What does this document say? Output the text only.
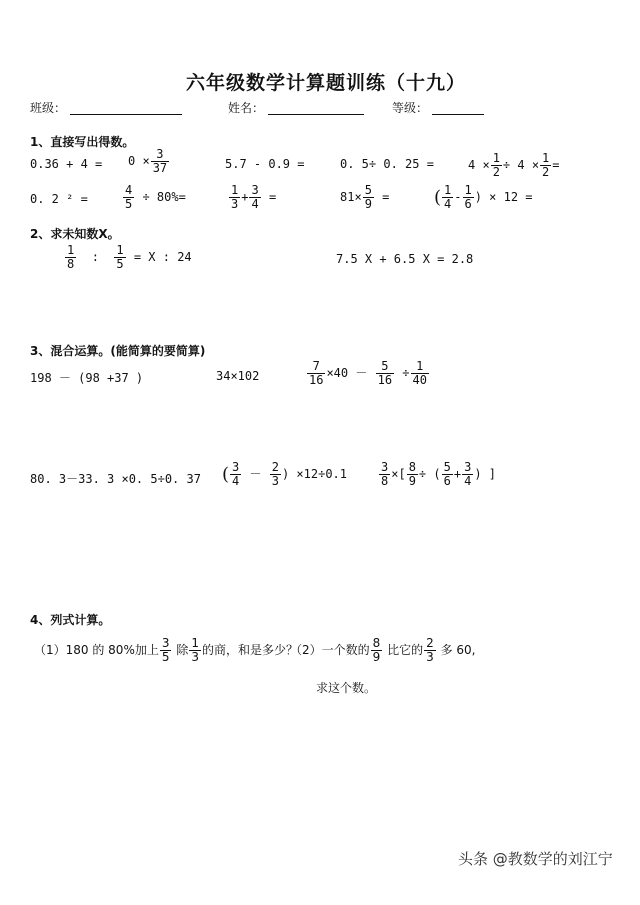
六年级数学计算题训练（十九）
班级：	姓名：	等级：
1、直接写出得数。
$0.36 + 4 = 0 \times \frac{3}{37}$	5.7 - 0.9 =	0. 5÷ 0. 25 =	$4 \times \frac{1}{2} \div 4 \times \frac{1}{2}$ =
0. 2 ² =	$\frac{4}{5} \div 80\%=$	$\frac{1}{3} + \frac{3}{4}$ =	$81\times \frac{5}{9}$ = ( $\frac{1}{4} - \frac{1}{6}$ ) × 12 =
2、求未知数X。
$\frac{1}{8}$ : $\frac{1}{5} = X$ : 24	7.5 X + 6.5 X = 2.8
3、混合运算。(能简算的要简算)
198 － (98 +37 )	34×102	$\frac{7}{16} \times 40 - \frac{5}{16} \div \frac{1}{40}$
80. 3－33. 3 ×0. 5÷0. 37 ( $\frac{3}{4} - \frac{2}{3}$ ) ×12÷0.1	$\frac{3}{8}$ ×[ $\frac{8}{9}$ ÷ ( $\frac{5}{6} + \frac{3}{4}$ ) ]
4、列式计算。
（1）180 的 80%加上 $\frac{3}{5}$ 除 $\frac{1}{3}$ 的商，和是多少？
（2）一个数的 $\frac{8}{9}$ 比它的 $\frac{2}{3}$ 多 60,
求这个数。
头条 @教数学的刘江宁
